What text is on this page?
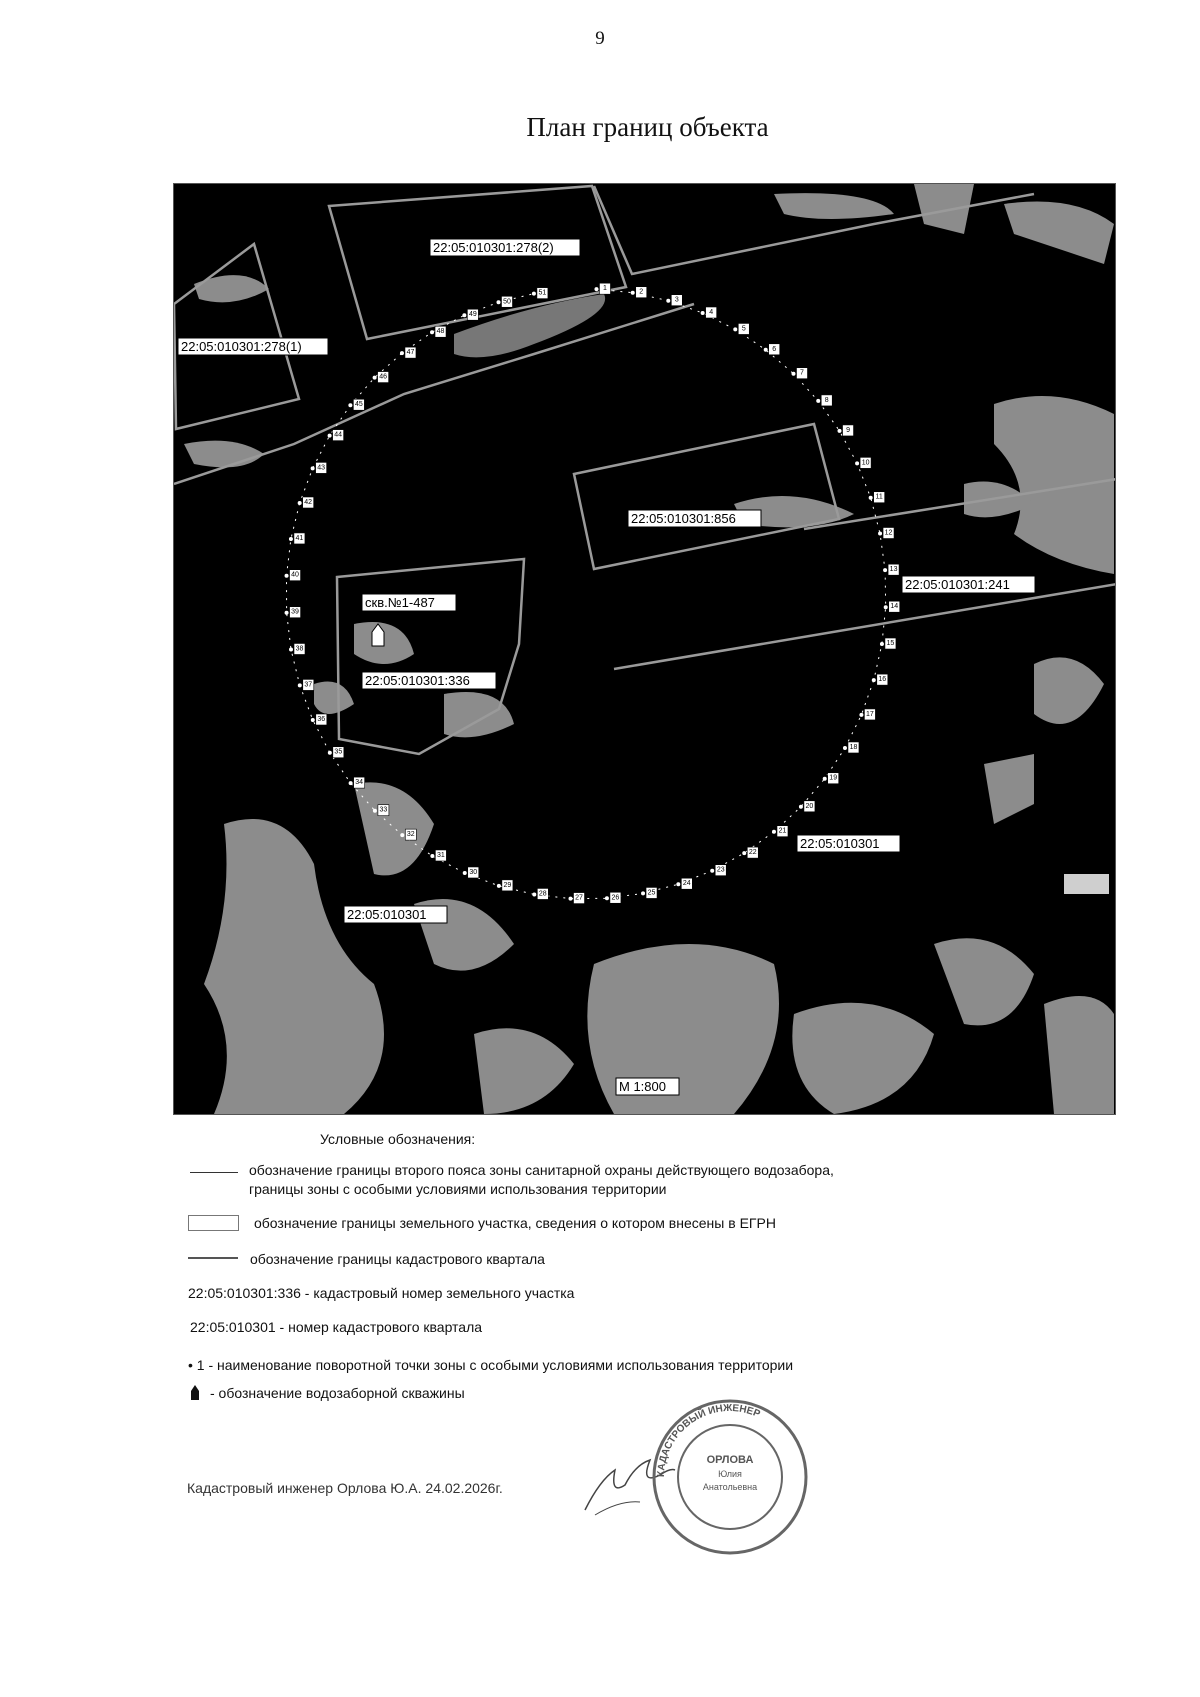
9
План границ объекта
22:05:010301:278(2)
22:05:010301:278(1)
22:05:010301:856
22:05:010301:241
скв.№1-487
22:05:010301:336
22:05:010301
22:05:010301
М 1:800
1
2
3
4
5
6
7
8
9
10
11
12
13
14
15
16
17
18
19
20
21
22
23
24
25
26
27
28
29
30
31
32
33
34
35
36
37
38
39
40
41
42
43
44
45
46
47
48
49
50
51
Условные обозначения:
обозначение границы второго пояса зоны санитарной охраны действующего водозабора,
границы зоны с особыми условиями использования территории
обозначение границы земельного участка, сведения о котором внесены в ЕГРН
обозначение границы кадастрового квартала
22:05:010301:336 - кадастровый номер земельного участка
22:05:010301 - номер кадастрового квартала
• 1 - наименование поворотной точки зоны с особыми условиями использования территории
- обозначение водозаборной скважины
КАДАСТРОВЫЙ ИНЖЕНЕР
ОРЛОВА
Юлия
Анатольевна
Кадастровый инженер Орлова Ю.А. 24.02.2026г.
